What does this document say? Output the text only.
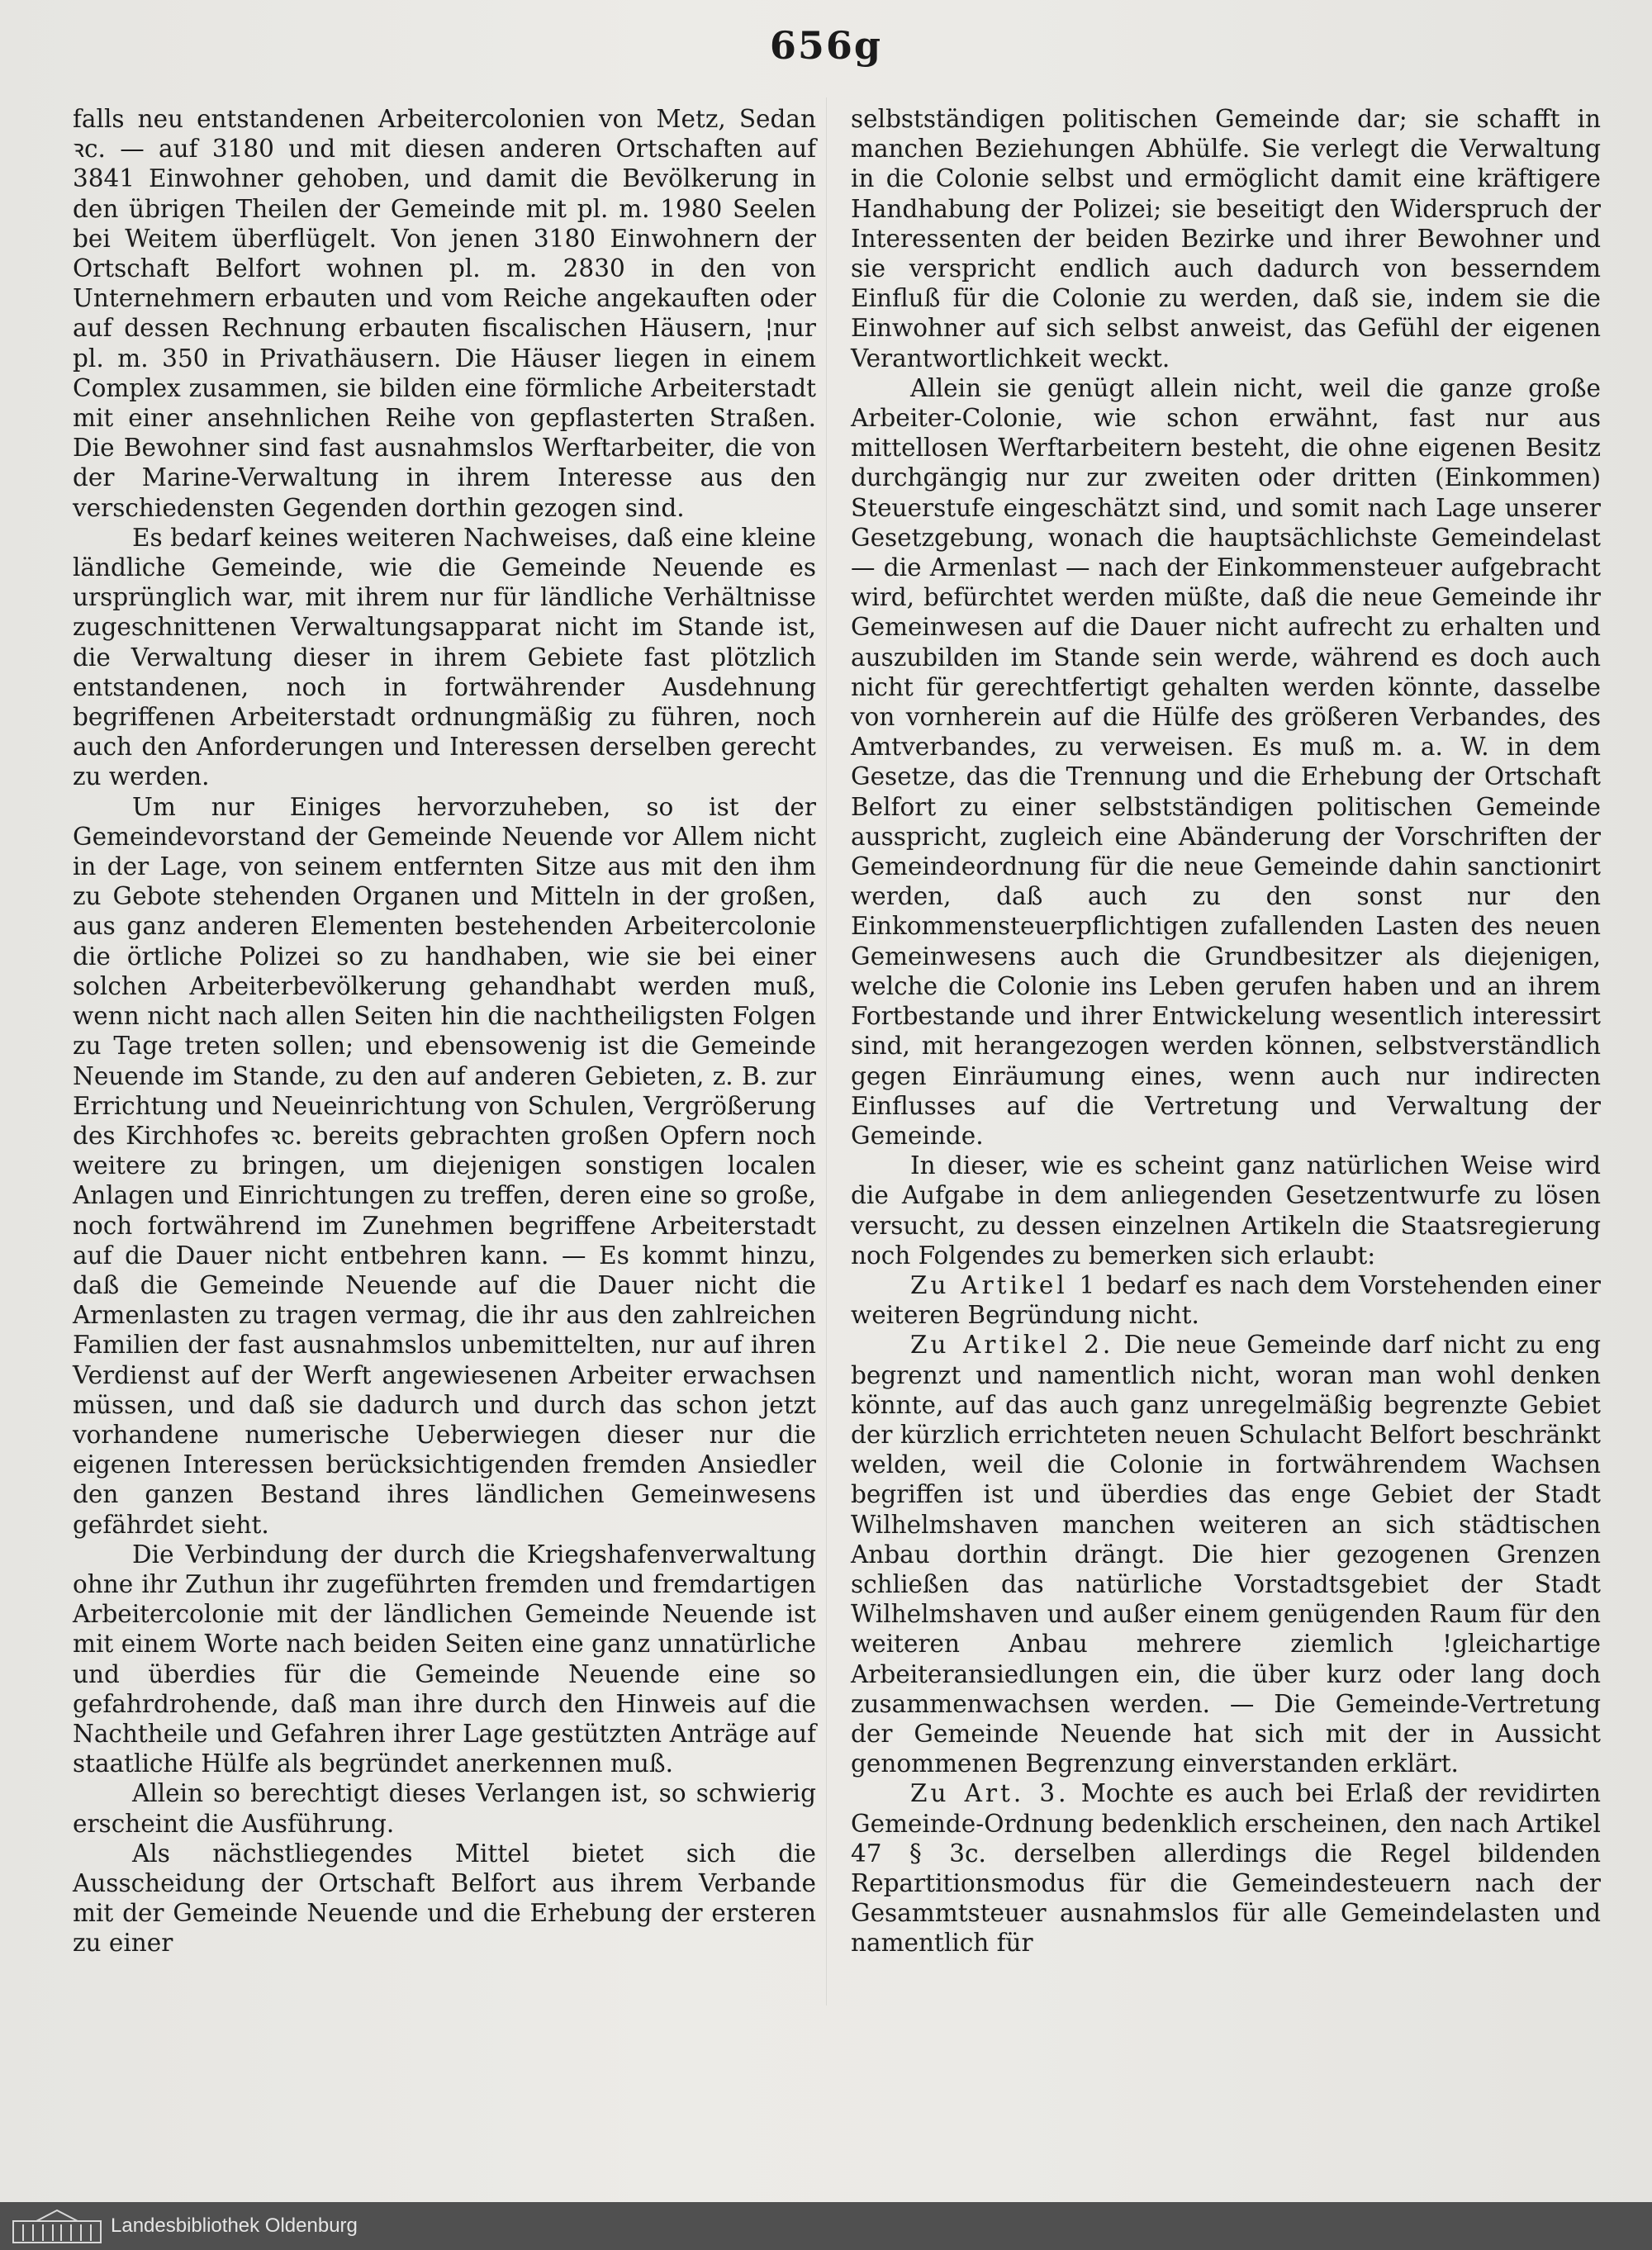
656g

falls neu entstandenen Arbeitercolonien von Metz, Sedan ꝛc. — auf 3180 und mit diesen anderen Ortschaften auf 3841 Einwohner gehoben, und damit die Bevölkerung in den übrigen Theilen der Gemeinde mit pl. m. 1980 Seelen bei Weitem überflügelt. Von jenen 3180 Einwohnern der Ortschaft Belfort wohnen pl. m. 2830 in den von Unternehmern erbauten und vom Reiche angekauften oder auf dessen Rechnung erbauten fiscalischen Häusern, ¦nur pl. m. 350 in Privathäusern. Die Häuser liegen in einem Complex zusammen, sie bilden eine förmliche Arbeiterstadt mit einer ansehnlichen Reihe von gepflasterten Straßen. Die Bewohner sind fast ausnahmslos Werftarbeiter, die von der Marine-Verwaltung in ihrem Interesse aus den verschiedensten Gegenden dorthin gezogen sind.

Es bedarf keines weiteren Nachweises, daß eine kleine ländliche Gemeinde, wie die Gemeinde Neuende es ursprünglich war, mit ihrem nur für ländliche Verhältnisse zugeschnittenen Verwaltungsapparat nicht im Stande ist, die Verwaltung dieser in ihrem Gebiete fast plötzlich entstandenen, noch in fortwährender Ausdehnung begriffenen Arbeiterstadt ordnungmäßig zu führen, noch auch den Anforderungen und Interessen derselben gerecht zu werden.

Um nur Einiges hervorzuheben, so ist der Gemeindevorstand der Gemeinde Neuende vor Allem nicht in der Lage, von seinem entfernten Sitze aus mit den ihm zu Gebote stehenden Organen und Mitteln in der großen, aus ganz anderen Elementen bestehenden Arbeitercolonie die örtliche Polizei so zu handhaben, wie sie bei einer solchen Arbeiterbevölkerung gehandhabt werden muß, wenn nicht nach allen Seiten hin die nachtheiligsten Folgen zu Tage treten sollen; und ebensowenig ist die Gemeinde Neuende im Stande, zu den auf anderen Gebieten, z. B. zur Errichtung und Neueinrichtung von Schulen, Vergrößerung des Kirchhofes ꝛc. bereits gebrachten großen Opfern noch weitere zu bringen, um diejenigen sonstigen localen Anlagen und Einrichtungen zu treffen, deren eine so große, noch fortwährend im Zunehmen begriffene Arbeiterstadt auf die Dauer nicht entbehren kann. — Es kommt hinzu, daß die Gemeinde Neuende auf die Dauer nicht die Armenlasten zu tragen vermag, die ihr aus den zahlreichen Familien der fast ausnahmslos unbemittelten, nur auf ihren Verdienst auf der Werft angewiesenen Arbeiter erwachsen müssen, und daß sie dadurch und durch das schon jetzt vorhandene numerische Ueberwiegen dieser nur die eigenen Interessen berücksichtigenden fremden Ansiedler den ganzen Bestand ihres ländlichen Gemeinwesens gefährdet sieht.

Die Verbindung der durch die Kriegshafenverwaltung ohne ihr Zuthun ihr zugeführten fremden und fremdartigen Arbeitercolonie mit der ländlichen Gemeinde Neuende ist mit einem Worte nach beiden Seiten eine ganz unnatürliche und überdies für die Gemeinde Neuende eine so gefahrdrohende, daß man ihre durch den Hinweis auf die Nachtheile und Gefahren ihrer Lage gestützten Anträge auf staatliche Hülfe als begründet anerkennen muß.

Allein so berechtigt dieses Verlangen ist, so schwierig erscheint die Ausführung.

Als nächstliegendes Mittel bietet sich die Ausscheidung der Ortschaft Belfort aus ihrem Verbande mit der Gemeinde Neuende und die Erhebung der ersteren zu einer

selbstständigen politischen Gemeinde dar; sie schafft in manchen Beziehungen Abhülfe. Sie verlegt die Verwaltung in die Colonie selbst und ermöglicht damit eine kräftigere Handhabung der Polizei; sie beseitigt den Widerspruch der Interessenten der beiden Bezirke und ihrer Bewohner und sie verspricht endlich auch dadurch von besserndem Einfluß für die Colonie zu werden, daß sie, indem sie die Einwohner auf sich selbst anweist, das Gefühl der eigenen Verantwortlichkeit weckt.

Allein sie genügt allein nicht, weil die ganze große Arbeiter-Colonie, wie schon erwähnt, fast nur aus mittellosen Werftarbeitern besteht, die ohne eigenen Besitz durchgängig nur zur zweiten oder dritten (Einkommen) Steuerstufe eingeschätzt sind, und somit nach Lage unserer Gesetzgebung, wonach die hauptsächlichste Gemeindelast — die Armenlast — nach der Einkommensteuer aufgebracht wird, befürchtet werden müßte, daß die neue Gemeinde ihr Gemeinwesen auf die Dauer nicht aufrecht zu erhalten und auszubilden im Stande sein werde, während es doch auch nicht für gerechtfertigt gehalten werden könnte, dasselbe von vornherein auf die Hülfe des größeren Verbandes, des Amtverbandes, zu verweisen. Es muß m. a. W. in dem Gesetze, das die Trennung und die Erhebung der Ortschaft Belfort zu einer selbstständigen politischen Gemeinde ausspricht, zugleich eine Abänderung der Vorschriften der Gemeindeordnung für die neue Gemeinde dahin sanctionirt werden, daß auch zu den sonst nur den Einkommensteuerpflichtigen zufallenden Lasten des neuen Gemeinwesens auch die Grundbesitzer als diejenigen, welche die Colonie ins Leben gerufen haben und an ihrem Fortbestande und ihrer Entwickelung wesentlich interessirt sind, mit herangezogen werden können, selbstverständlich gegen Einräumung eines, wenn auch nur indirecten Einflusses auf die Vertretung und Verwaltung der Gemeinde.

In dieser, wie es scheint ganz natürlichen Weise wird die Aufgabe in dem anliegenden Gesetzentwurfe zu lösen versucht, zu dessen einzelnen Artikeln die Staatsregierung noch Folgendes zu bemerken sich erlaubt:

Zu Artikel 1 bedarf es nach dem Vorstehenden einer weiteren Begründung nicht.

Zu Artikel 2. Die neue Gemeinde darf nicht zu eng begrenzt und namentlich nicht, woran man wohl denken könnte, auf das auch ganz unregelmäßig begrenzte Gebiet der kürzlich errichteten neuen Schulacht Belfort beschränkt welden, weil die Colonie in fortwährendem Wachsen begriffen ist und überdies das enge Gebiet der Stadt Wilhelmshaven manchen weiteren an sich städtischen Anbau dorthin drängt. Die hier gezogenen Grenzen schließen das natürliche Vorstadtsgebiet der Stadt Wilhelmshaven und außer einem genügenden Raum für den weiteren Anbau mehrere ziemlich !gleichartige Arbeiteransiedlungen ein, die über kurz oder lang doch zusammenwachsen werden. — Die Gemeinde-Vertretung der Gemeinde Neuende hat sich mit der in Aussicht genommenen Begrenzung einverstanden erklärt.

Zu Art. 3. Mochte es auch bei Erlaß der revidirten Gemeinde-Ordnung bedenklich erscheinen, den nach Artikel 47 § 3c. derselben allerdings die Regel bildenden Repartitionsmodus für die Gemeindesteuern nach der Gesammtsteuer ausnahmslos für alle Gemeindelasten und namentlich für

Landesbibliothek Oldenburg
